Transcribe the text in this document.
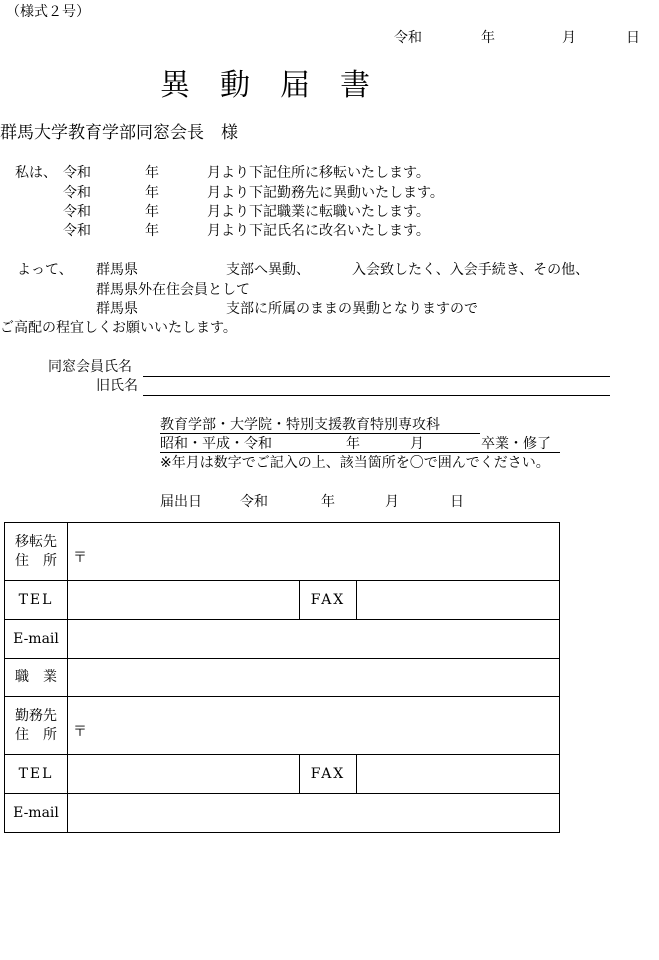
（様式２号）
令和	年	月	日
異　動　届　書
群馬大学教育学部同窓会長　様
私は、 令和	年	月より下記住所に移転いたします。
令和	年	月より下記勤務先に異動いたします。
令和	年	月より下記職業に転職いたします。
令和	年	月より下記氏名に改名いたします。
よって、 群馬県	支部へ異動、	入会致したく、入会手続き、その他、
群馬県外在住会員として
群馬県	支部に所属のままの異動となりますので
ご高配の程宜しくお願いいたします。
同窓会員氏名
旧氏名
教育学部・大学院・特別支援教育特別専攻科
昭和・平成・令和	年	月	卒業・修了
※年月は数字でご記入の上、該当箇所を〇で囲んでください。
届出日	令和	年	月	日
移転先
住　所	〒		
TEL		FAX	
E-mail			
職　業			
勤務先
住　所	〒		
TEL		FAX	
E-mail			
